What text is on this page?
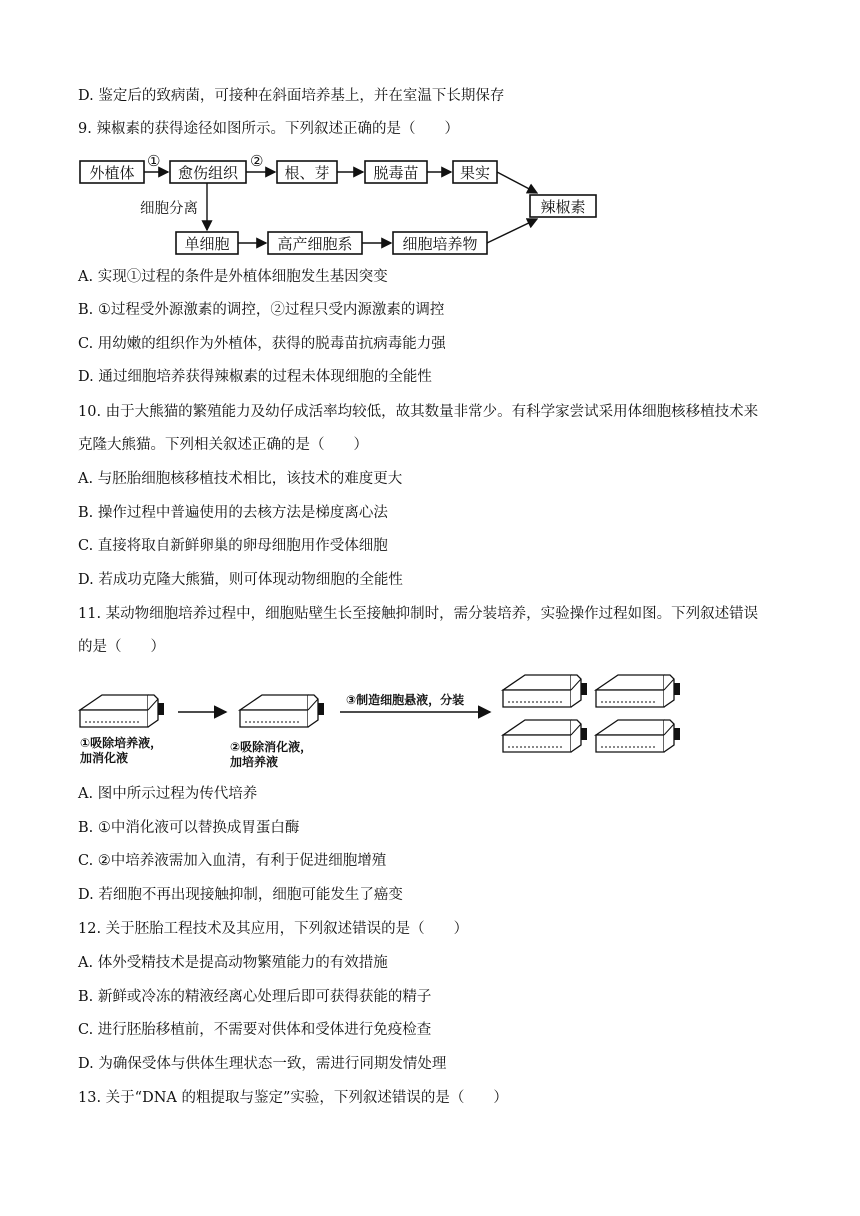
D. 鉴定后的致病菌，可接种在斜面培养基上，并在室温下长期保存
9. 辣椒素的获得途径如图所示。下列叙述正确的是（　　）
A. 实现①过程的条件是外植体细胞发生基因突变
B. ①过程受外源激素的调控，②过程只受内源激素的调控
C. 用幼嫩的组织作为外植体，获得的脱毒苗抗病毒能力强
D. 通过细胞培养获得辣椒素的过程未体现细胞的全能性
10. 由于大熊猫的繁殖能力及幼仔成活率均较低，故其数量非常少。有科学家尝试采用体细胞核移植技术来
克隆大熊猫。下列相关叙述正确的是（　　）
A. 与胚胎细胞核移植技术相比，该技术的难度更大
B. 操作过程中普遍使用的去核方法是梯度离心法
C. 直接将取自新鲜卵巢的卵母细胞用作受体细胞
D. 若成功克隆大熊猫，则可体现动物细胞的全能性
11. 某动物细胞培养过程中，细胞贴壁生长至接触抑制时，需分装培养，实验操作过程如图。下列叙述错误
的是（　　）
A. 图中所示过程为传代培养
B. ①中消化液可以替换成胃蛋白酶
C. ②中培养液需加入血清，有利于促进细胞增殖
D. 若细胞不再出现接触抑制，细胞可能发生了癌变
12. 关于胚胎工程技术及其应用，下列叙述错误的是（　　）
A. 体外受精技术是提高动物繁殖能力的有效措施
B. 新鲜或冷冻的精液经离心处理后即可获得获能的精子
C. 进行胚胎移植前，不需要对供体和受体进行免疫检查
D. 为确保受体与供体生理状态一致，需进行同期发情处理
13. 关于“DNA 的粗提取与鉴定”实验，下列叙述错误的是（　　）
外植体	愈伤组织	根、芽	脱毒苗	果实
辣椒素
单细胞	高产细胞系	细胞培养物
①	②
细胞分离
①吸除培养液，
加消化液
②吸除消化液，
加培养液
③制造细胞悬液，分装
